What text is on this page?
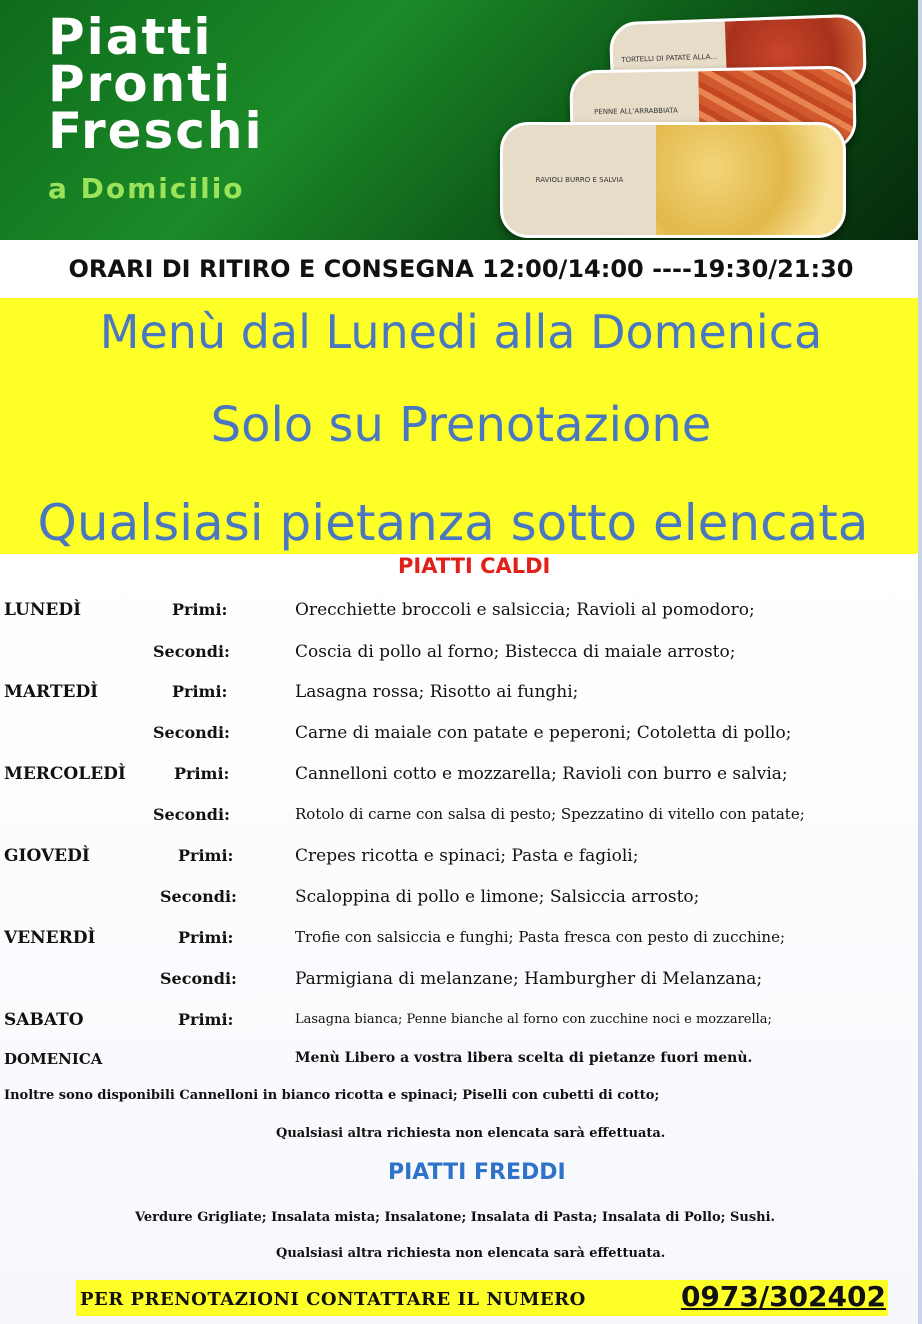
Piatti
Pronti
Freschi
a Domicilio
TORTELLI DI PATATE ALLA…
PENNE ALL'ARRABBIATA
RAVIOLI BURRO E SALVIA
ORARI DI RITIRO E CONSEGNA 12:00/14:00 ----19:30/21:30
Menù dal Lunedi alla Domenica
Solo su Prenotazione
Qualsiasi pietanza sotto elencata
PIATTI CALDI
LUNEDÌ	Primi:	Orecchiette broccoli e salsiccia; Ravioli al pomodoro;
Secondi:	Coscia di pollo al forno; Bistecca di maiale arrosto;
MARTEDÌ	Primi:	Lasagna rossa; Risotto ai funghi;
Secondi:	Carne di maiale con patate e peperoni; Cotoletta di pollo;
MERCOLEDÌ	Primi:	Cannelloni cotto e mozzarella; Ravioli con burro e salvia;
Secondi:	Rotolo di carne con salsa di pesto; Spezzatino di vitello con patate;
GIOVEDÌ	Primi:	Crepes ricotta e spinaci; Pasta e fagioli;
Secondi:	Scaloppina di pollo e limone; Salsiccia arrosto;
VENERDÌ	Primi:	Trofie con salsiccia e funghi; Pasta fresca con pesto di zucchine;
Secondi:	Parmigiana di melanzane; Hamburgher di Melanzana;
SABATO	Primi:	Lasagna bianca; Penne bianche al forno con zucchine noci e mozzarella;
DOMENICA	Menù Libero a vostra libera scelta di pietanze fuori menù.
Inoltre sono disponibili Cannelloni in bianco ricotta e spinaci; Piselli con cubetti di cotto;
Qualsiasi altra richiesta non elencata sarà effettuata.
PIATTI FREDDI
Verdure Grigliate; Insalata mista; Insalatone; Insalata di Pasta; Insalata di Pollo; Sushi.
Qualsiasi altra richiesta non elencata sarà effettuata.
PER PRENOTAZIONI CONTATTARE IL NUMERO	0973/302402
